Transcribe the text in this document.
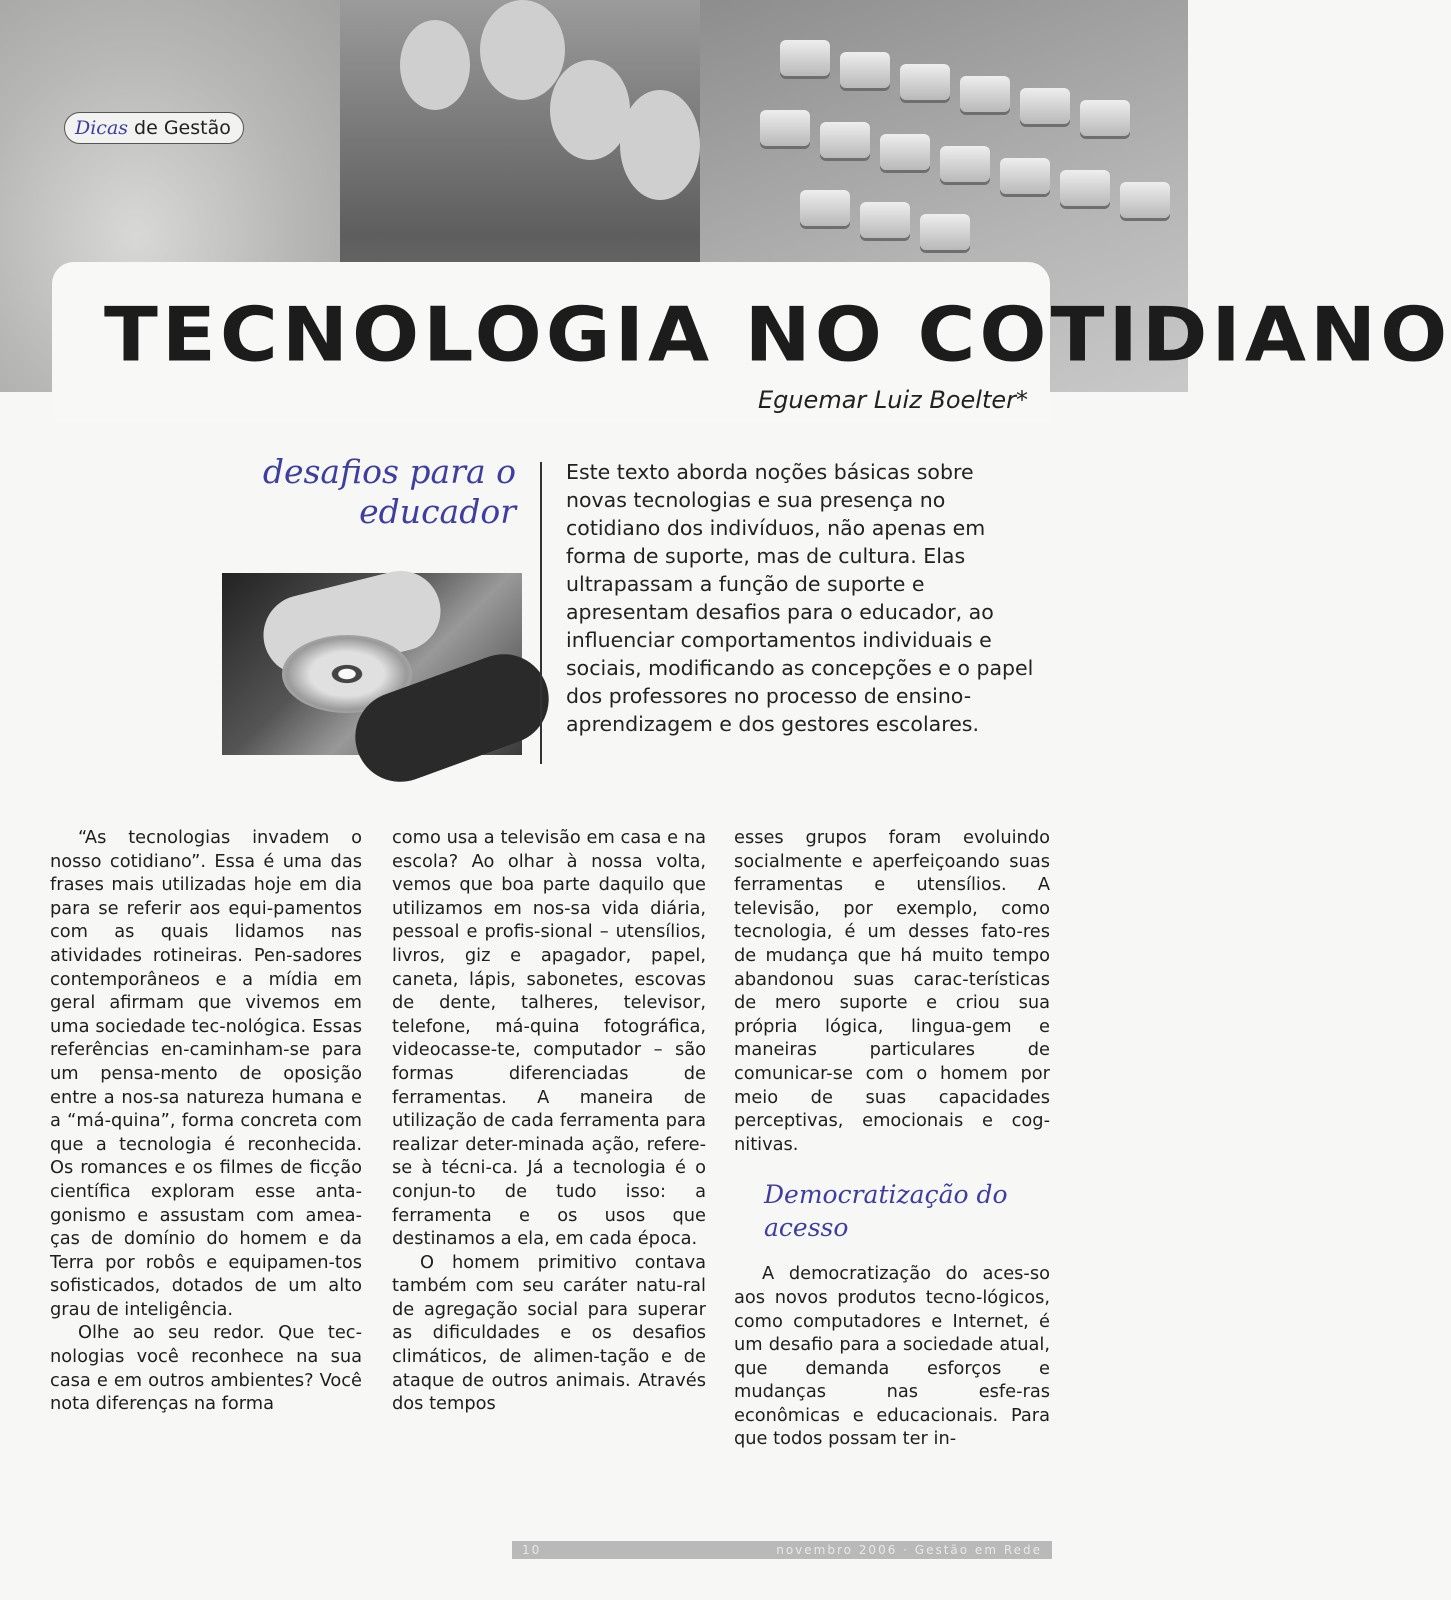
Dicas de Gestão
TECNOLOGIA NO COTIDIANO
Eguemar Luiz Boelter*
desafios para o
educador

Este texto aborda noções básicas sobre novas tecnologias e sua presença no cotidiano dos indivíduos, não apenas em forma de suporte, mas de cultura. Elas ultrapassam a função de suporte e apresentam desafios para o educador, ao influenciar comportamentos individuais e sociais, modificando as concepções e o papel dos professores no processo de ensino-aprendizagem e dos gestores escolares.

“As tecnologias invadem o nosso cotidiano”. Essa é uma das frases mais utilizadas hoje em dia para se referir aos equi-pamentos com as quais lidamos nas atividades rotineiras. Pen-sadores contemporâneos e a mídia em geral afirmam que vivemos em uma sociedade tec-nológica. Essas referências en-caminham-se para um pensa-mento de oposição entre a nos-sa natureza humana e a “má-quina”, forma concreta com que a tecnologia é reconhecida. Os romances e os filmes de ficção científica exploram esse anta-gonismo e assustam com amea-ças de domínio do homem e da Terra por robôs e equipamen-tos sofisticados, dotados de um alto grau de inteligência.

Olhe ao seu redor. Que tec-nologias você reconhece na sua casa e em outros ambientes? Você nota diferenças na forma

como usa a televisão em casa e na escola? Ao olhar à nossa volta, vemos que boa parte daquilo que utilizamos em nos-sa vida diária, pessoal e profis-sional – utensílios, livros, giz e apagador, papel, caneta, lápis, sabonetes, escovas de dente, talheres, televisor, telefone, má-quina fotográfica, videocasse-te, computador – são formas diferenciadas de ferramentas. A maneira de utilização de cada ferramenta para realizar deter-minada ação, refere-se à técni-ca. Já a tecnologia é o conjun-to de tudo isso: a ferramenta e os usos que destinamos a ela, em cada época.

O homem primitivo contava também com seu caráter natu-ral de agregação social para superar as dificuldades e os desafios climáticos, de alimen-tação e de ataque de outros animais. Através dos tempos

esses grupos foram evoluindo socialmente e aperfeiçoando suas ferramentas e utensílios. A televisão, por exemplo, como tecnologia, é um desses fato-res de mudança que há muito tempo abandonou suas carac-terísticas de mero suporte e criou sua própria lógica, lingua-gem e maneiras particulares de comunicar-se com o homem por meio de suas capacidades perceptivas, emocionais e cog-nitivas.

Democratização do acesso

A democratização do aces-so aos novos produtos tecno-lógicos, como computadores e Internet, é um desafio para a sociedade atual, que demanda esforços e mudanças nas esfe-ras econômicas e educacionais. Para que todos possam ter in-

10	novembro 2006 · Gestão em Rede
